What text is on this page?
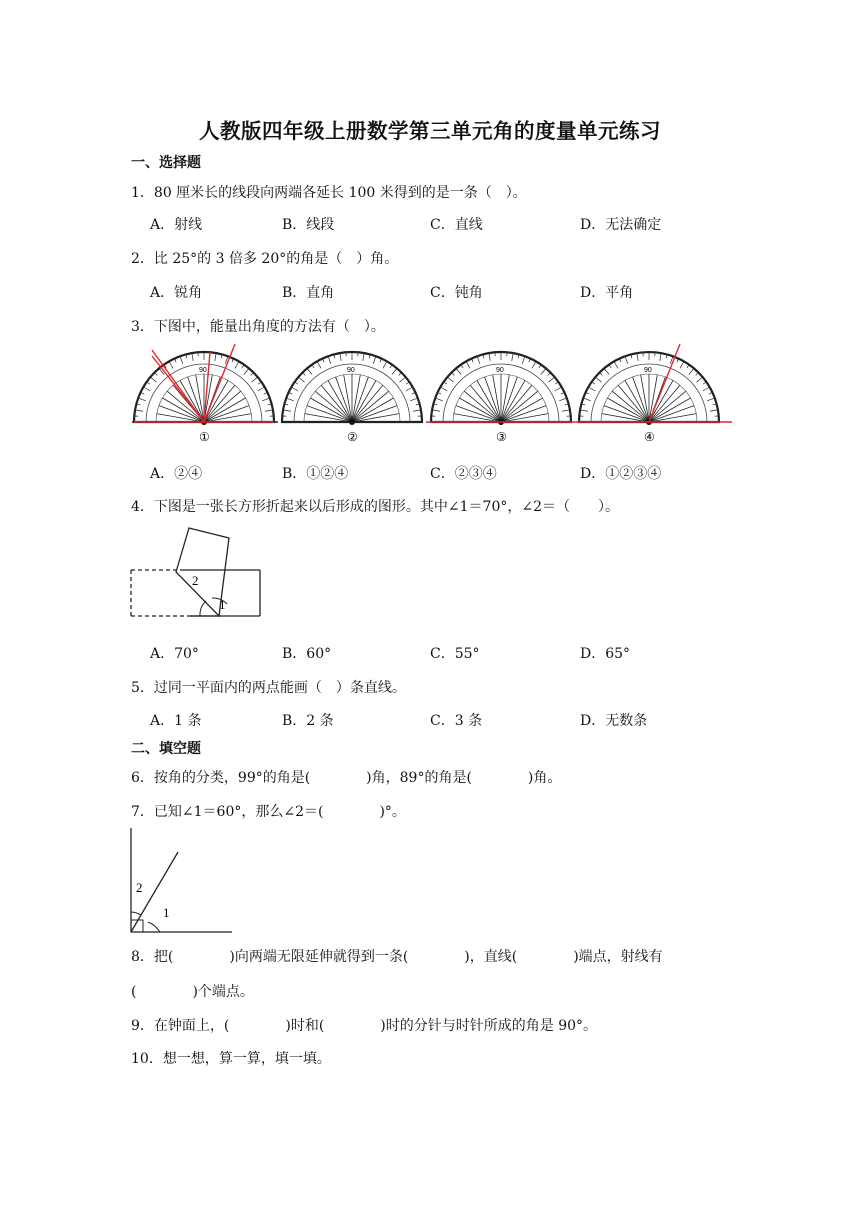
人教版四年级上册数学第三单元角的度量单元练习
一、选择题
1．80 厘米长的线段向两端各延长 100 米得到的是一条（　）。
A．射线	B．线段	C．直线	D．无法确定
2．比 25°的 3 倍多 20°的角是（　）角。
A．锐角	B．直角	C．钝角	D．平角
3．下图中，能量出角度的方法有（　）。
90
①
90
②
90
③
90
④
A．②④	B．①②④	C．②③④	D．①②③④
4．下图是一张长方形折起来以后形成的图形。其中∠1＝70°，∠2＝（　　）。
2
1
A．70°	B．60°	C．55°	D．65°
5．过同一平面内的两点能画（　）条直线。
A．1 条	B．2 条	C．3 条	D．无数条
二、填空题
6．按角的分类，99°的角是(　　　　)角，89°的角是(　　　　)角。
7．已知∠1＝60°，那么∠2＝(　　　　)°。
2
1
8．把(　　　　)向两端无限延伸就得到一条(　　　　)，直线(　　　　)端点，射线有
(　　　　)个端点。
9．在钟面上，(　　　　)时和(　　　　)时的分针与时针所成的角是 90°。
10．想一想，算一算，填一填。
